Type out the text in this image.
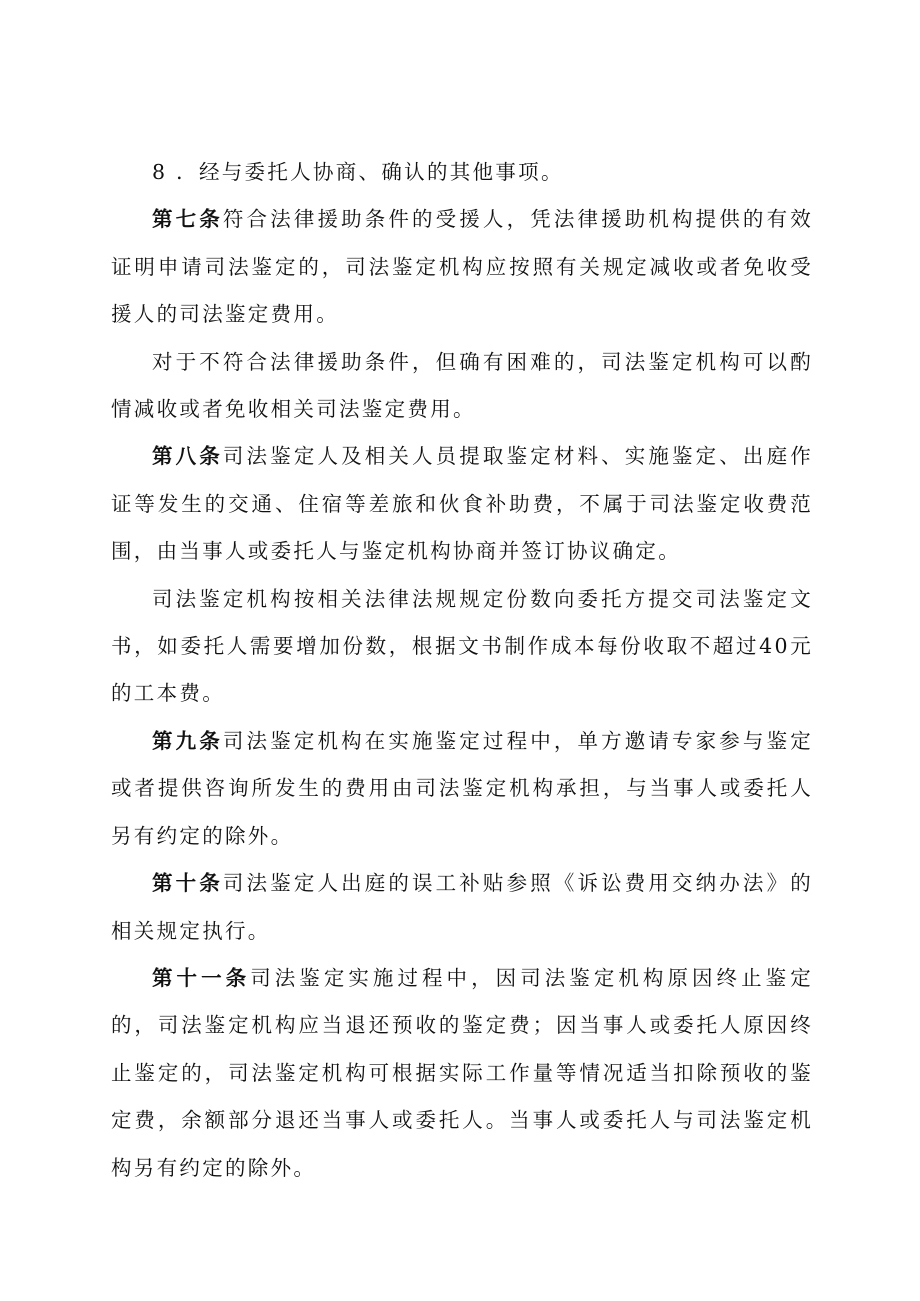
8 ．经与委托人协商、确认的其他事项。

第七条符合法律援助条件的受援人，凭法律援助机构提供的有效证明申请司法鉴定的，司法鉴定机构应按照有关规定减收或者免收受援人的司法鉴定费用。

对于不符合法律援助条件，但确有困难的，司法鉴定机构可以酌情减收或者免收相关司法鉴定费用。

第八条司法鉴定人及相关人员提取鉴定材料、实施鉴定、出庭作证等发生的交通、住宿等差旅和伙食补助费，不属于司法鉴定收费范围，由当事人或委托人与鉴定机构协商并签订协议确定。

司法鉴定机构按相关法律法规规定份数向委托方提交司法鉴定文书，如委托人需要增加份数，根据文书制作成本每份收取不超过40元的工本费。

第九条司法鉴定机构在实施鉴定过程中，单方邀请专家参与鉴定或者提供咨询所发生的费用由司法鉴定机构承担，与当事人或委托人另有约定的除外。

第十条司法鉴定人出庭的误工补贴参照《诉讼费用交纳办法》的相关规定执行。

第十一条司法鉴定实施过程中，因司法鉴定机构原因终止鉴定的，司法鉴定机构应当退还预收的鉴定费；因当事人或委托人原因终止鉴定的，司法鉴定机构可根据实际工作量等情况适当扣除预收的鉴定费，余额部分退还当事人或委托人。当事人或委托人与司法鉴定机构另有约定的除外。
